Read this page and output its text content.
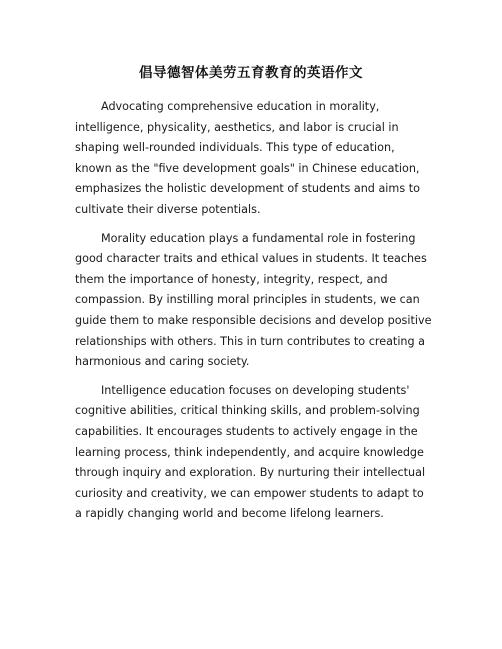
倡导德智体美劳五育教育的英语作文

Advocating comprehensive education in morality, intelligence, physicality, aesthetics, and labor is crucial in shaping well-rounded individuals. This type of education, known as the "five development goals" in Chinese education, emphasizes the holistic development of students and aims to cultivate their diverse potentials.

Morality education plays a fundamental role in fostering good character traits and ethical values in students. It teaches them the importance of honesty, integrity, respect, and compassion. By instilling moral principles in students, we can guide them to make responsible decisions and develop positive relationships with others. This in turn contributes to creating a harmonious and caring society.

Intelligence education focuses on developing students' cognitive abilities, critical thinking skills, and problem-solving capabilities. It encourages students to actively engage in the learning process, think independently, and acquire knowledge through inquiry and exploration. By nurturing their intellectual curiosity and creativity, we can empower students to adapt to a rapidly changing world and become lifelong learners.
